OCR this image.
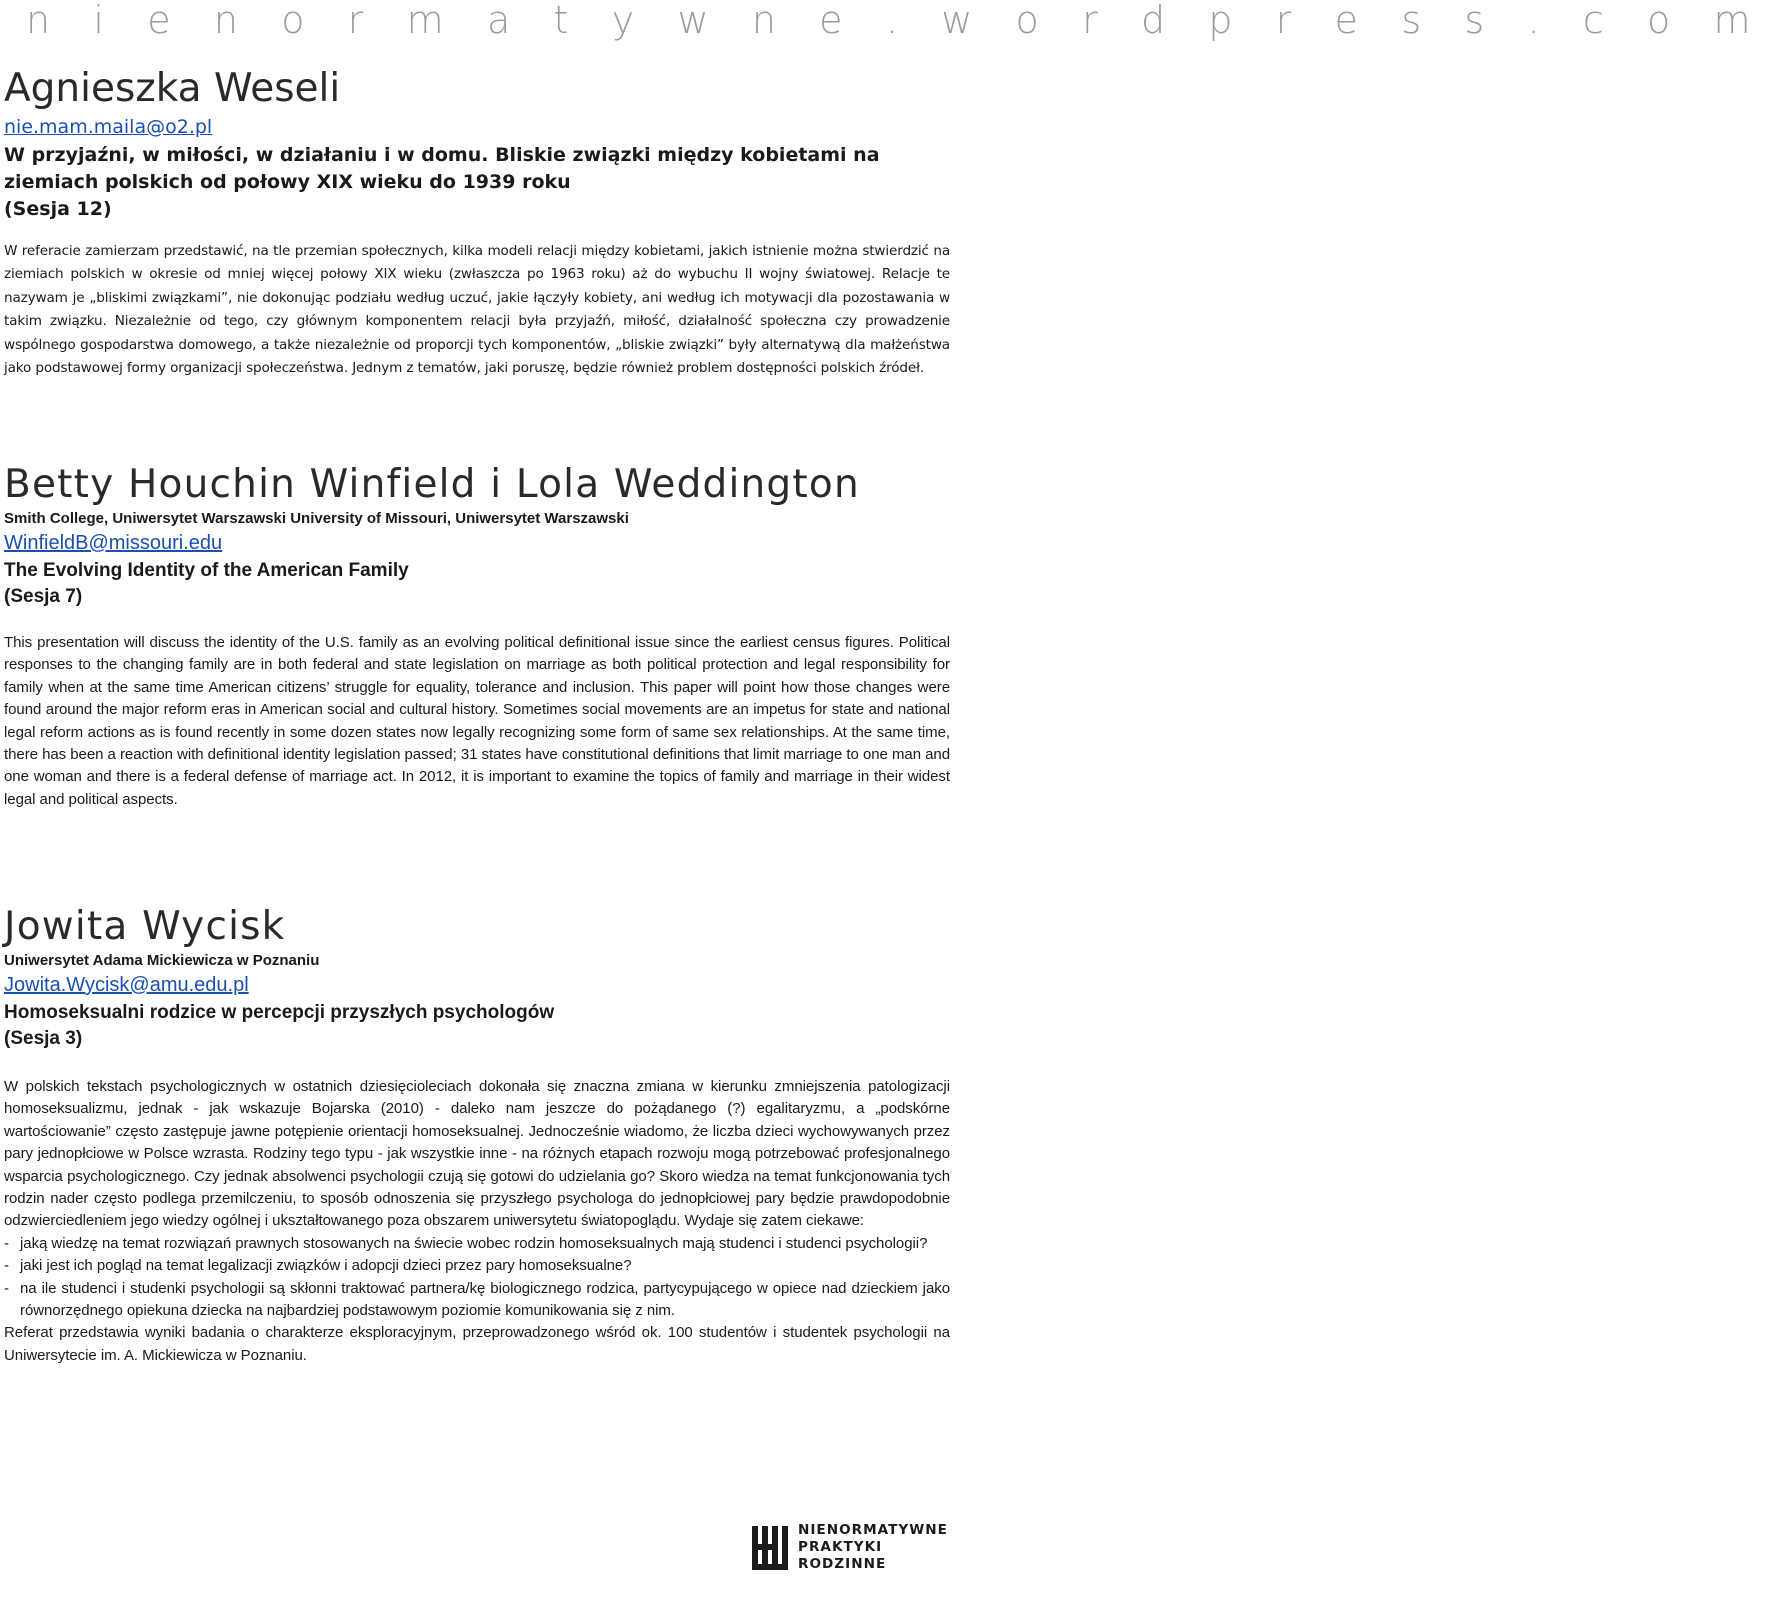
n i e n o r m a t y w n e . w o r d p r e s s . c o m
Agnieszka Weseli
nie.mam.maila@o2.pl
W przyjaźni, w miłości, w działaniu i w domu. Bliskie związki między kobietami na ziemiach polskich od połowy XIX wieku do 1939 roku
(Sesja 12)
W referacie zamierzam przedstawić, na tle przemian społecznych, kilka modeli relacji między kobietami, jakich istnienie można stwierdzić na ziemiach polskich w okresie od mniej więcej połowy XIX wieku (zwłaszcza po 1963 roku) aż do wybuchu II wojny światowej. Relacje te nazywam je „bliskimi związkami”, nie dokonując podziału według uczuć, jakie łączyły kobiety, ani według ich motywacji dla pozostawania w takim związku. Niezależnie od tego, czy głównym komponentem relacji była przyjaźń, miłość, działalność społeczna czy prowadzenie wspólnego gospodarstwa domowego, a także niezależnie od proporcji tych komponentów, „bliskie związki” były alternatywą dla małżeństwa jako podstawowej formy organizacji społeczeństwa. Jednym z tematów, jaki poruszę, będzie również problem dostępności polskich źródeł.
Betty Houchin Winfield i Lola Weddington
Smith College, Uniwersytet Warszawski University of Missouri, Uniwersytet Warszawski
WinfieldB@missouri.edu
The Evolving Identity of the American Family
(Sesja 7)
This presentation will discuss the identity of the U.S. family as an evolving political definitional issue since the earliest census figures. Political responses to the changing family are in both federal and state legislation on marriage as both political protection and legal responsibility for family when at the same time American citizens’ struggle for equality, tolerance and inclusion. This paper will point how those changes were found around the major reform eras in American social and cultural history. Sometimes social movements are an impetus for state and national legal reform actions as is found recently in some dozen states now legally recognizing some form of same sex relationships. At the same time, there has been a reaction with definitional identity legislation passed; 31 states have constitutional definitions that limit marriage to one man and one woman and there is a federal defense of marriage act. In 2012, it is important to examine the topics of family and marriage in their widest legal and political aspects.
Jowita Wycisk
Uniwersytet Adama Mickiewicza w Poznaniu
Jowita.Wycisk@amu.edu.pl
Homoseksualni rodzice w percepcji przyszłych psychologów
(Sesja 3)
W polskich tekstach psychologicznych w ostatnich dziesięcioleciach dokonała się znaczna zmiana w kierunku zmniejszenia patologizacji homoseksualizmu, jednak - jak wskazuje Bojarska (2010) - daleko nam jeszcze do pożądanego (?) egalitaryzmu, a „podskórne wartościowanie” często zastępuje jawne potępienie orientacji homoseksualnej. Jednocześnie wiadomo, że liczba dzieci wychowywanych przez pary jednopłciowe w Polsce wzrasta. Rodziny tego typu - jak wszystkie inne - na różnych etapach rozwoju mogą potrzebować profesjonalnego wsparcia psychologicznego. Czy jednak absolwenci psychologii czują się gotowi do udzielania go? Skoro wiedza na temat funkcjonowania tych rodzin nader często podlega przemilczeniu, to sposób odnoszenia się przyszłego psychologa do jednopłciowej pary będzie prawdopodobnie odzwierciedleniem jego wiedzy ogólnej i ukształtowanego poza obszarem uniwersytetu światopoglądu. Wydaje się zatem ciekawe:
- jaką wiedzę na temat rozwiązań prawnych stosowanych na świecie wobec rodzin homoseksualnych mają studenci i studenci psychologii?
- jaki jest ich pogląd na temat legalizacji związków i adopcji dzieci przez pary homoseksualne?
- na ile studenci i studenki psychologii są skłonni traktować partnera/kę biologicznego rodzica, partycypującego w opiece nad dzieckiem jako równorzędnego opiekuna dziecka na najbardziej podstawowym poziomie komunikowania się z nim.
Referat przedstawia wyniki badania o charakterze eksploracyjnym, przeprowadzonego wśród ok. 100 studentów i studentek psychologii na Uniwersytecie im. A. Mickiewicza w Poznaniu.
NIENORMATYWNE
PRAKTYKI
RODZINNE
